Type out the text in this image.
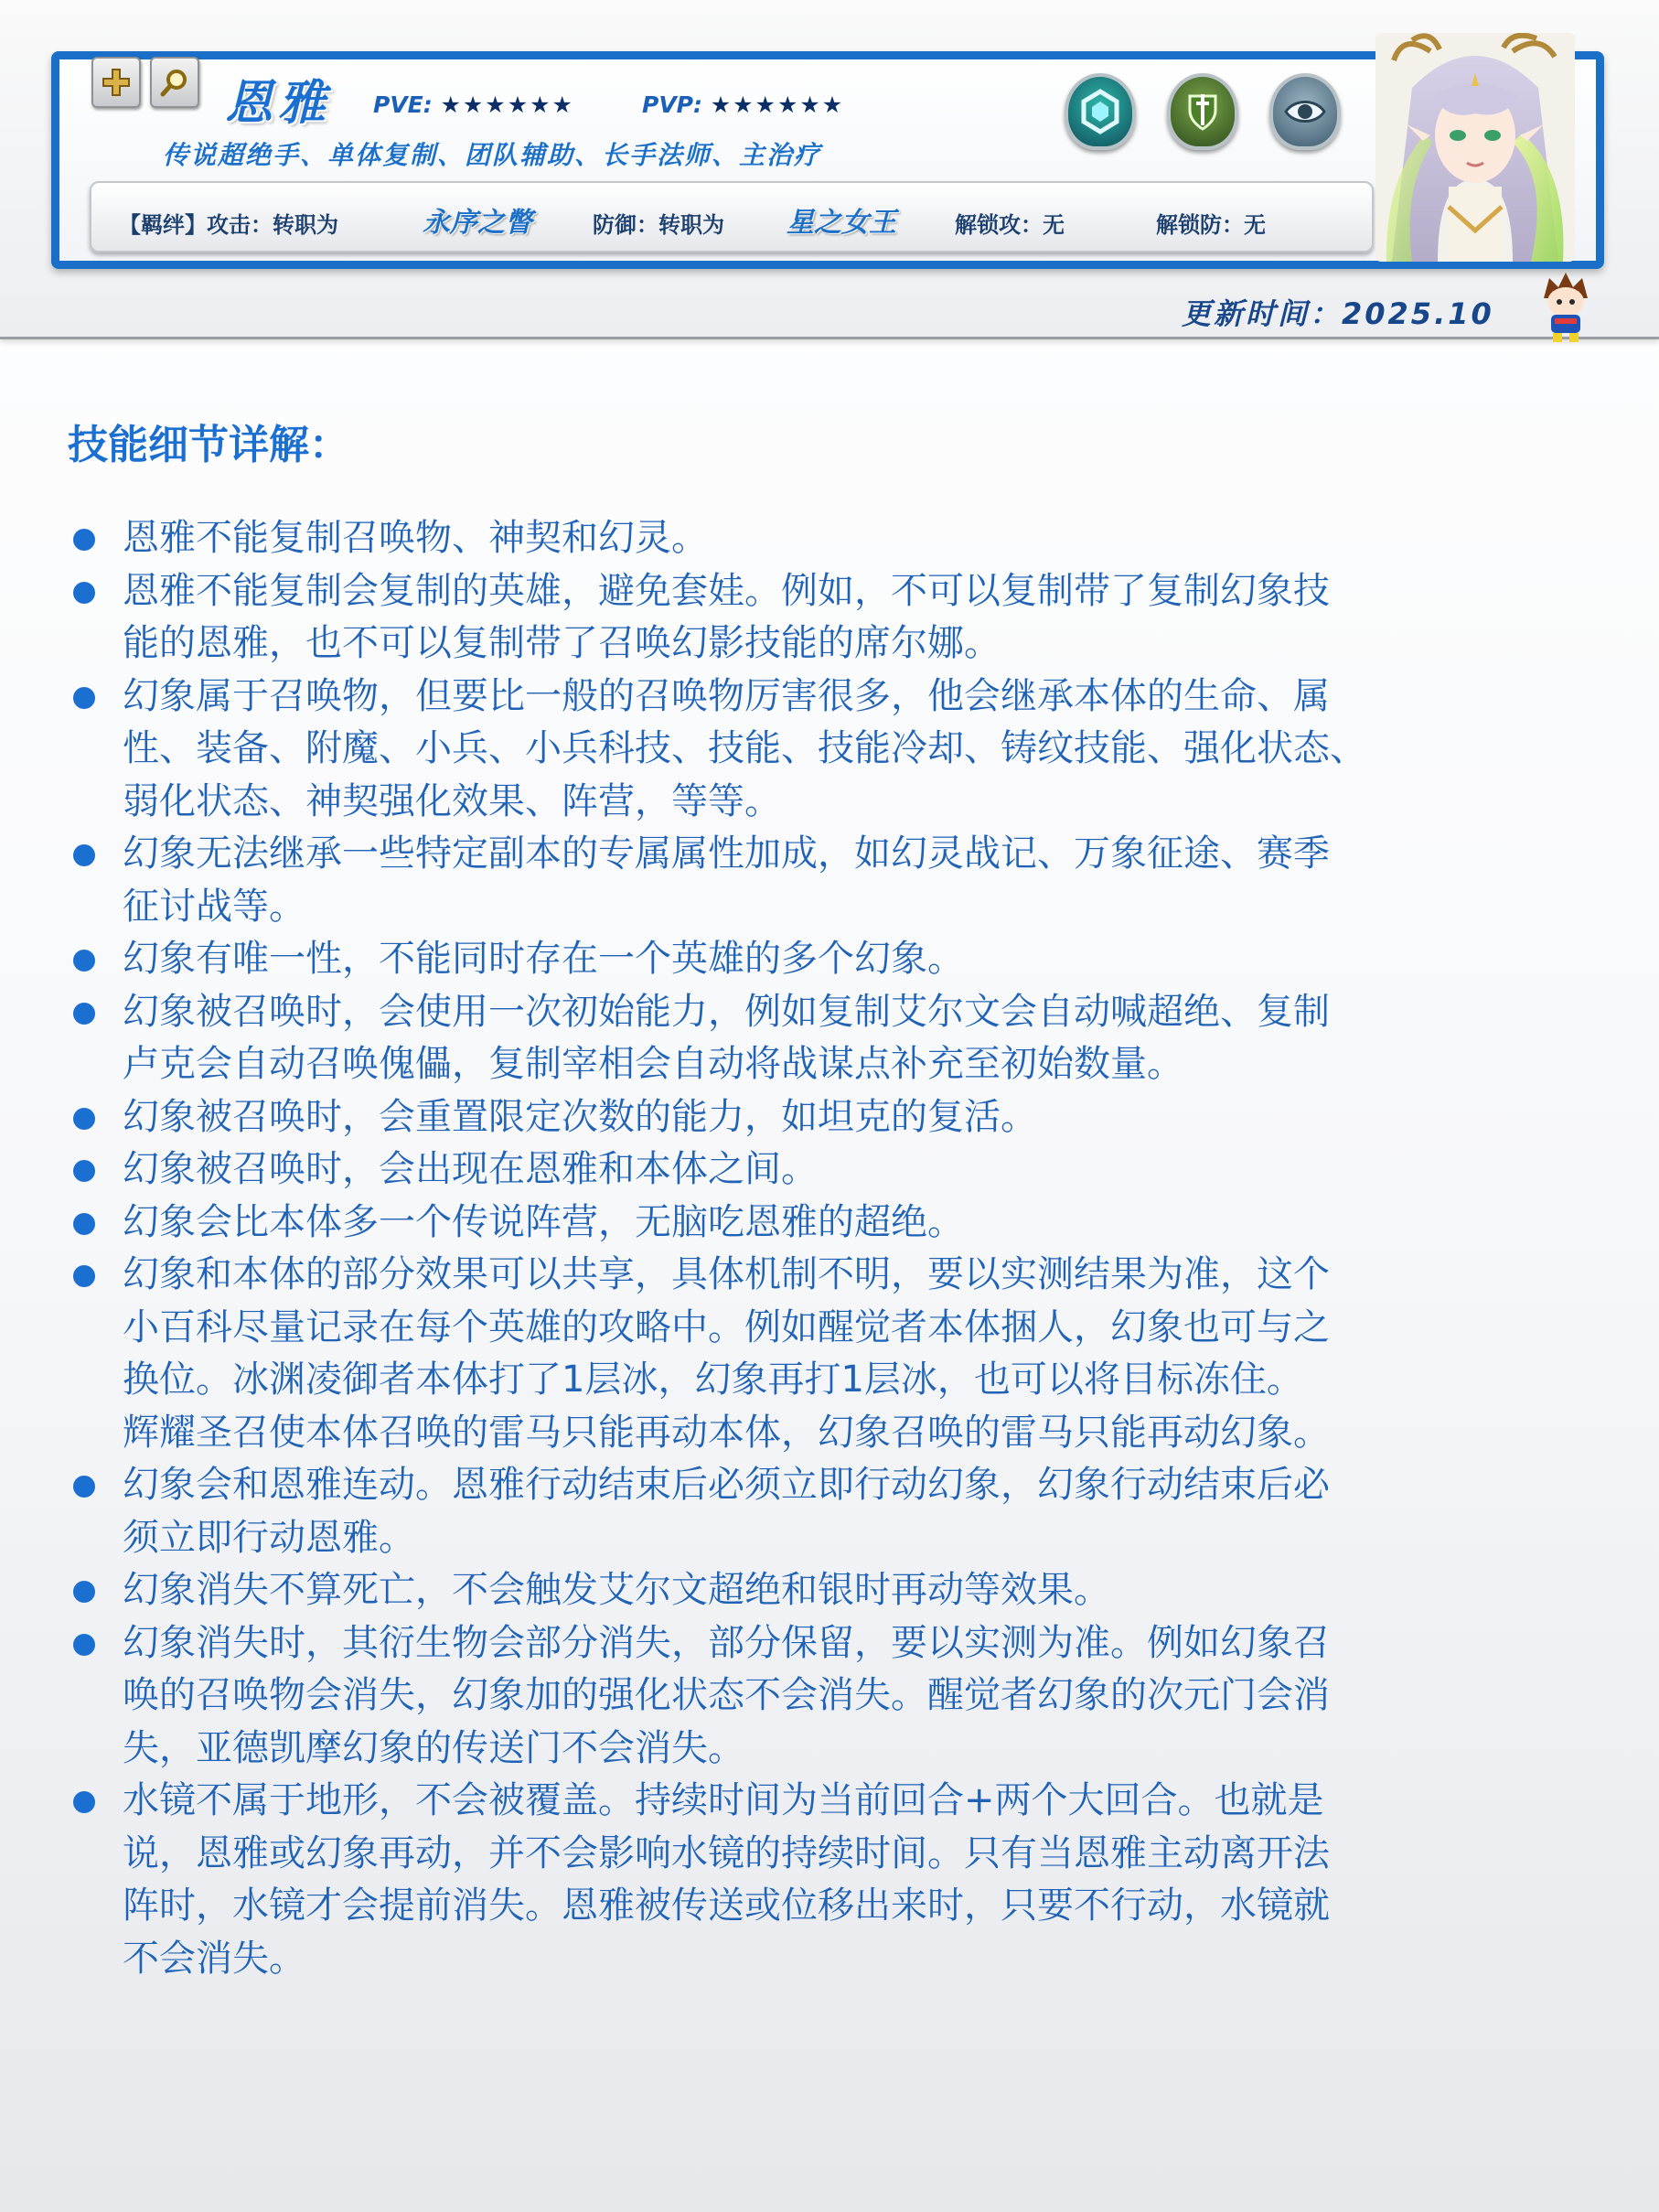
恩雅 PVE: ★★★★★★	PVP: ★★★★★★
传说超绝手、单体复制、团队辅助、长手法师、主治疗
【羁绊】攻击：转职为	永序之瞥	防御：转职为 星之女王	解锁攻：无	解锁防：无

更新时间：2025.10

技能细节详解：
恩雅不能复制召唤物、神契和幻灵。
恩雅不能复制会复制的英雄，避免套娃。例如，不可以复制带了复制幻象技
能的恩雅，也不可以复制带了召唤幻影技能的席尔娜。
幻象属于召唤物，但要比一般的召唤物厉害很多，他会继承本体的生命、属
性、装备、附魔、小兵、小兵科技、技能、技能冷却、铸纹技能、强化状态、
弱化状态、神契强化效果、阵营，等等。
幻象无法继承一些特定副本的专属属性加成，如幻灵战记、万象征途、赛季
征讨战等。
幻象有唯一性，不能同时存在一个英雄的多个幻象。
幻象被召唤时，会使用一次初始能力，例如复制艾尔文会自动喊超绝、复制
卢克会自动召唤傀儡，复制宰相会自动将战谋点补充至初始数量。
幻象被召唤时，会重置限定次数的能力，如坦克的复活。
幻象被召唤时，会出现在恩雅和本体之间。
幻象会比本体多一个传说阵营，无脑吃恩雅的超绝。
幻象和本体的部分效果可以共享，具体机制不明，要以实测结果为准，这个
小百科尽量记录在每个英雄的攻略中。例如醒觉者本体捆人，幻象也可与之
换位。冰渊凌御者本体打了1层冰，幻象再打1层冰，也可以将目标冻住。
辉耀圣召使本体召唤的雷马只能再动本体，幻象召唤的雷马只能再动幻象。
幻象会和恩雅连动。恩雅行动结束后必须立即行动幻象，幻象行动结束后必
须立即行动恩雅。
幻象消失不算死亡，不会触发艾尔文超绝和银时再动等效果。
幻象消失时，其衍生物会部分消失，部分保留，要以实测为准。例如幻象召
唤的召唤物会消失，幻象加的强化状态不会消失。醒觉者幻象的次元门会消
失，亚德凯摩幻象的传送门不会消失。
水镜不属于地形，不会被覆盖。持续时间为当前回合+两个大回合。也就是
说，恩雅或幻象再动，并不会影响水镜的持续时间。只有当恩雅主动离开法
阵时，水镜才会提前消失。恩雅被传送或位移出来时，只要不行动，水镜就
不会消失。
